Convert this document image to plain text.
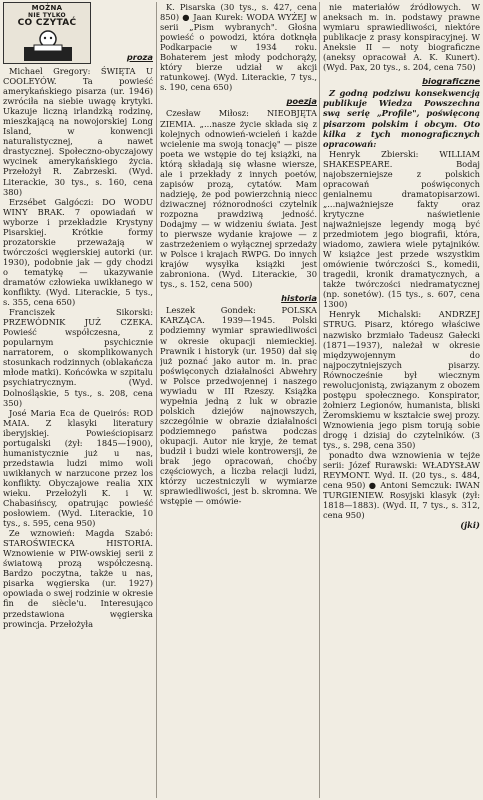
MOŻNA
NIE TYLKO
CO CZYTAĆ
proza

Michael Gregory: ŚWIĘTA U COOLEYÓW. Ta powieść amerykańskiego pisarza (ur. 1946) zwróciła na siebie uwagę krytyki. Ukazuje liczną irlandzką rodzinę, mieszkającą na nowojorskiej Long Island, w konwencji naturalistycznej, a nawet drastycznej. Społeczno-obyczajowy wycinek amerykańskiego życia. Przełożył R. Zabrzeski. (Wyd. Literackie, 30 tys., s. 160, cena 380)

Erzsébet Galgóczi: DO WODU WINY BRAK. 7 opowiadań w wyborze i przekładzie Krystyny Pisarskiej. Krótkie formy prozatorskie przeważają w twórczości węgierskiej autorki (ur. 1930), podobnie jak — gdy chodzi o tematykę — ukazywanie dramatów człowieka uwikłanego w konflikty. (Wyd. Literackie, 5 tys., s. 355, cena 650)

Franciszek Sikorski: PRZEWÓDNIK JUŻ CZEKA. Powieść współczesna, z popularnym psychicznie narratorem, o skomplikowanych stosunkach rodzinnych (oblakańcza młode matki). Końcówka w szpitalu psychiatrycznym. (Wyd. Dolnośląskie, 5 tys., s. 208, cena 350)

José Maria Eca de Queirós: ROD MAIA. Z klasyki literatury iberyjskiej. Powieściopisarz portugalski (żył: 1845—1900), humanistycznie już u nas, przedstawia ludzi mimo woli uwikłanych w narzucone przez los konflikty. Obyczajowe realia XIX wieku. Przełożyli K. i W. Chabasińscy, opatrując powieść posłowiem. (Wyd. Literackie, 10 tys., s. 595, cena 950)

Ze wznowień: Magda Szabó: STAROŚWIECKA HISTORIA. Wznowienie w PIW-owskiej serii z światową prozą współczesną. Bardzo poczytna, także u nas, pisarka węgierska (ur. 1927) opowiada o swej rodzinie w okresie fin de siècle'u. Interesująco przedstawiona węgierska prowincja. Przełożyła

K. Pisarska (30 tys., s. 427, cena 850) ● Jaan Kurek: WODA WYŻEJ w serii „Pism wybranych". Głośna powieść o powodzi, która dotknęła Podkarpacie w 1934 roku. Bohaterem jest młody podchorąży, który bierze udział w akcji ratunkowej. (Wyd. Literackie, 7 tys., s. 190, cena 650)

poezja

Czesław Miłosz: NIEOBJĘTA ZIEMIA. „...nasze życie składa się z kolejnych odnowień-wcieleń i każde wcielenie ma swoją tonację" — pisze poeta we wstępie do tej książki, na którą składają się własne wiersze, ale i przekłady z innych poetów, zapisów prozą, cytatów. Mam nadzieję, że pod powierzchnią niecc dziwacznej różnorodności czytelnik rozpozna prawdziwą jedność. Dodajmy — w widzeniu świata. Jest to pierwsze wydanie krajowe — z zastrzeżeniem o wyłącznej sprzedaży w Polsce i krajach RWPG. Do innych krajów wysyłka książki jest zabroniona. (Wyd. Literackie, 30 tys., s. 152, cena 500)

historia

Leszek Gondek: POLSKA KARZĄCA. 1939—1945. Polski podziemny wymiar sprawiedliwości w okresie okupacji niemieckiej. Prawnik i historyk (ur. 1950) dał się już poznać jako autor m. in. prac poświęconych działalności Abwehry w Polsce przedwojennej i naszego wywiadu w III Rzeszy. Książka wypełnia jedną z luk w obrazie polskich dziejów najnowszych, szczególnie w obrazie działalności podziemnego państwa podczas okupacji. Autor nie kryje, że temat budził i budzi wiele kontrowersji, że brak jego opracowań, choćby częściowych, a liczba relacji ludzi, którzy uczestniczyli w wymiarze sprawiedliwości, jest b. skromna. We wstępie — omówie-

nie materiałów źródłowych. W aneksach m. in. podstawy prawne wymiaru sprawiedliwości, niektóre publikacje z prasy konspiracyjnej. W Aneksie II — noty biograficzne (aneksy opracował A. K. Kunert). (Wyd. Pax, 20 tys., s. 204, cena 750)

biograficzne

Z godną podziwu konsekwencją publikuje Wiedza Powszechna swą serię „Profile", poświęconą pisarzom polskim i obcym. Oto kilka z tych monograficznych opracowań:

Henryk Zbierski: WILLIAM SHAKESPEARE. Bodaj najobszerniejsze z polskich opracowań poświęconych genialnemu dramatopisarzowi. „...najważniejsze fakty oraz krytyczne naświetlenie najważniejsze legendy mogą być przedmiotem jego biografii, która, wiadomo, zawiera wiele pytajników. W książce jest przede wszystkim omówienie twórczości S., komedii, tragedii, kronik dramatycznych, a także twórczości niedramatycznej (np. sonetów). (15 tys., s. 607, cena 1300)

Henryk Michalski: ANDRZEJ STRUG. Pisarz, którego właściwe nazwisko brzmiało Tadeusz Gałecki (1871—1937), należał w okresie międzywojennym do najpoczytniejszych pisarzy. Równocześnie był wiecznym rewolucjonistą, związanym z obozem postępu społecznego. Konspirator, żołnierz Legionów, humanista, bliski Żeromskiemu w kształcie swej prozy. Wznowienia jego pism torują sobie drogę i dzisiaj do czytelników. (3 tys., s. 298, cena 350)

ponadto dwa wznowienia w tejże serii: Józef Rurawski: WŁADYSŁAW REYMONT. Wyd. II. (20 tys., s. 484, cena 950) ● Antoni Semczuk: IWAN TURGIENIEW. Rosyjski klasyk (żył: 1818—1883). (Wyd. II, 7 tys., s. 312, cena 950)

(jki)
